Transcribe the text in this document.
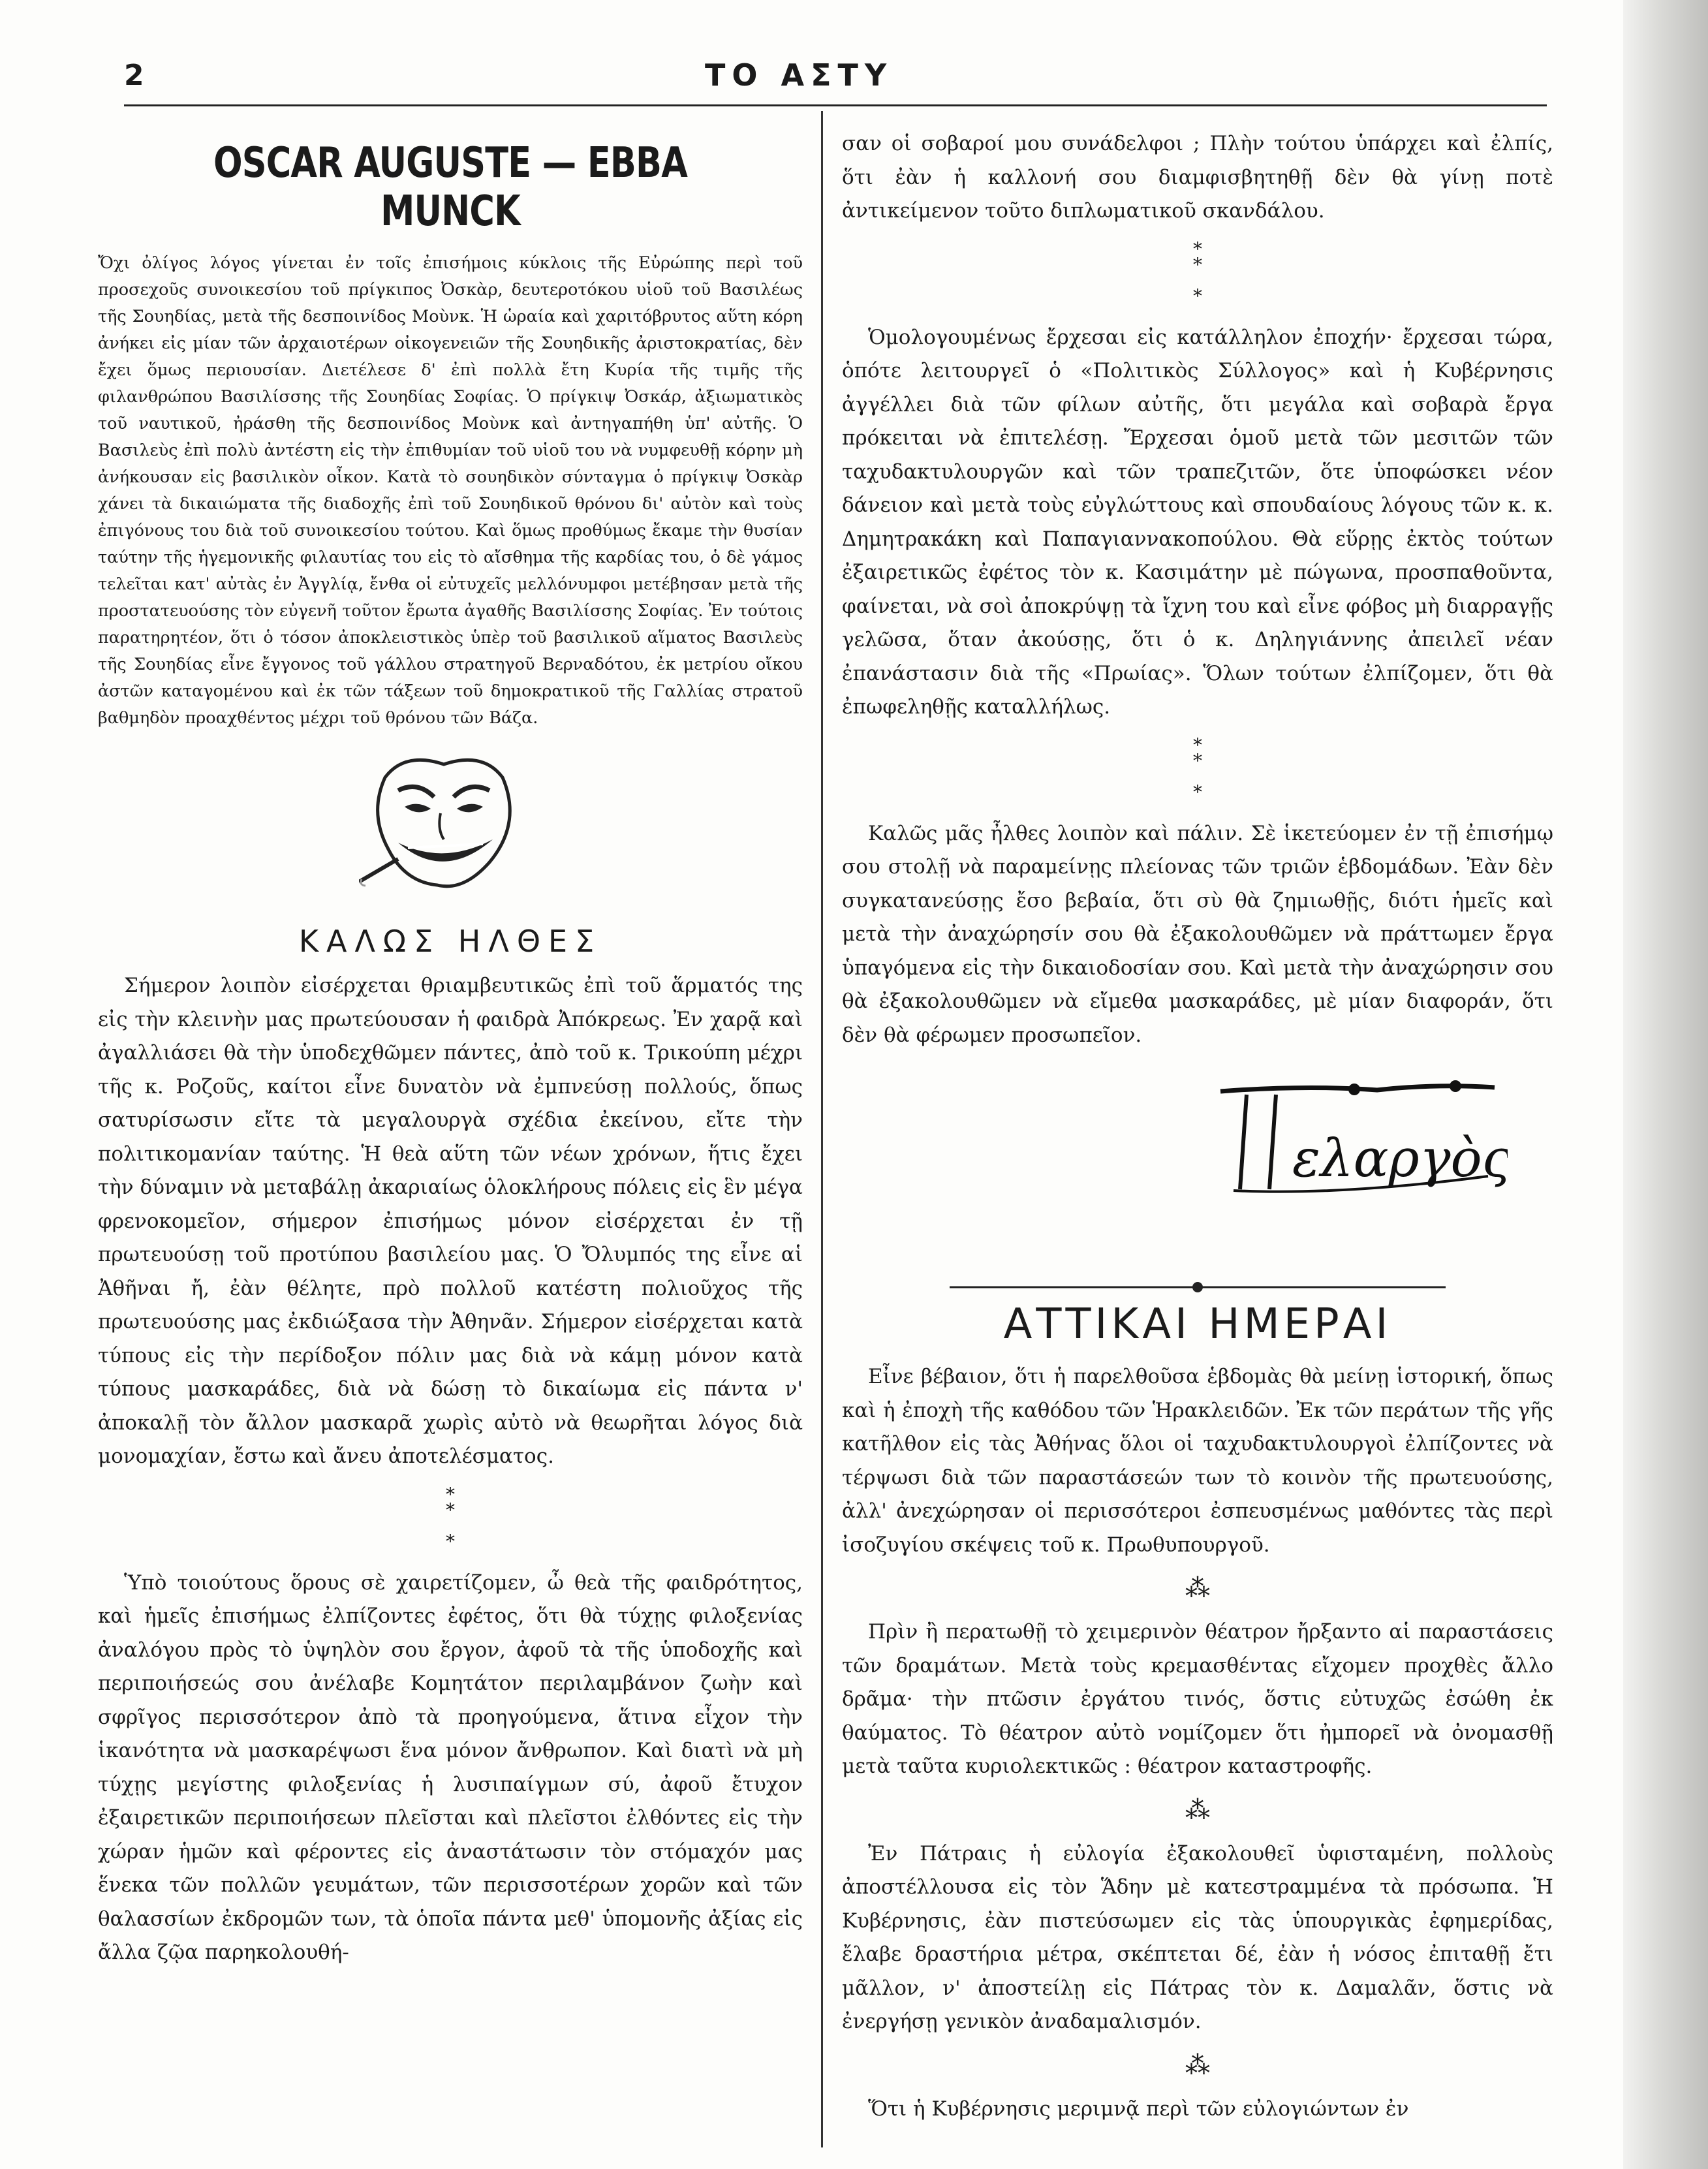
2	ΤΟ ΑΣΤΥ
OSCAR AUGUSTE — EBBA MUNCK

Ὄχι ὀλίγος λόγος γίνεται ἐν τοῖς ἐπισήμοις κύκλοις τῆς Εὐρώπης περὶ τοῦ προσεχοῦς συνοικεσίου τοῦ πρίγκιπος Ὀσκὰρ, δευτεροτόκου υἱοῦ τοῦ Βασιλέως τῆς Σουηδίας, μετὰ τῆς δεσποινίδος Μοὺνκ. Ἡ ὡραία καὶ χαριτόβρυτος αὕτη κόρη ἀνήκει εἰς μίαν τῶν ἀρχαιοτέρων οἰκογενειῶν τῆς Σουηδικῆς ἀριστοκρατίας, δὲν ἔχει ὅμως περιουσίαν. Διετέλεσε δ' ἐπὶ πολλὰ ἔτη Κυρία τῆς τιμῆς τῆς φιλανθρώπου Βασιλίσσης τῆς Σουηδίας Σοφίας. Ὁ πρίγκιψ Ὀσκάρ, ἀξιωματικὸς τοῦ ναυτικοῦ, ἠράσθη τῆς δεσποινίδος Μοὺνκ καὶ ἀντηγαπήθη ὑπ' αὐτῆς. Ὁ Βασιλεὺς ἐπὶ πολὺ ἀντέστη εἰς τὴν ἐπιθυμίαν τοῦ υἱοῦ του νὰ νυμφευθῇ κόρην μὴ ἀνήκουσαν εἰς βασιλικὸν οἶκον. Κατὰ τὸ σουηδικὸν σύνταγμα ὁ πρίγκιψ Ὀσκὰρ χάνει τὰ δικαιώματα τῆς διαδοχῆς ἐπὶ τοῦ Σουηδικοῦ θρόνου δι' αὐτὸν καὶ τοὺς ἐπιγόνους του διὰ τοῦ συνοικεσίου τούτου. Καὶ ὅμως προθύμως ἔκαμε τὴν θυσίαν ταύτην τῆς ἡγεμονικῆς φιλαυτίας του εἰς τὸ αἴσθημα τῆς καρδίας του, ὁ δὲ γάμος τελεῖται κατ' αὐτὰς ἐν Ἀγγλίᾳ, ἔνθα οἱ εὐτυχεῖς μελλόνυμφοι μετέβησαν μετὰ τῆς προστατευούσης τὸν εὐγενῆ τοῦτον ἔρωτα ἀγαθῆς Βασιλίσσης Σοφίας. Ἐν τούτοις παρατηρητέον, ὅτι ὁ τόσον ἀποκλειστικὸς ὑπὲρ τοῦ βασιλικοῦ αἵματος Βασιλεὺς τῆς Σουηδίας εἶνε ἔγγονος τοῦ γάλλου στρατηγοῦ Βερναδότου, ἐκ μετρίου οἴκου ἀστῶν καταγομένου καὶ ἐκ τῶν τάξεων τοῦ δημοκρατικοῦ τῆς Γαλλίας στρατοῦ βαθμηδὸν προαχθέντος μέχρι τοῦ θρόνου τῶν Βάζα.

ΚΑΛΩΣ ΗΛΘΕΣ

Σήμερον λοιπὸν εἰσέρχεται θριαμβευτικῶς ἐπὶ τοῦ ἅρματός της εἰς τὴν κλεινὴν μας πρωτεύουσαν ἡ φαιδρὰ Ἀπόκρεως. Ἐν χαρᾷ καὶ ἀγαλλιάσει θὰ τὴν ὑποδεχθῶμεν πάντες, ἀπὸ τοῦ κ. Τρικούπη μέχρι τῆς κ. Ροζοῦς, καίτοι εἶνε δυνατὸν νὰ ἐμπνεύσῃ πολλούς, ὅπως σατυρίσωσιν εἴτε τὰ μεγαλουργὰ σχέδια ἐκείνου, εἴτε τὴν πολιτικομανίαν ταύτης. Ἡ θεὰ αὕτη τῶν νέων χρόνων, ἥτις ἔχει τὴν δύναμιν νὰ μεταβάλῃ ἀκαριαίως ὁλοκλήρους πόλεις εἰς ἓν μέγα φρενοκομεῖον, σήμερον ἐπισήμως μόνον εἰσέρχεται ἐν τῇ πρωτευούσῃ τοῦ προτύπου βασιλείου μας. Ὁ Ὄλυμπός της εἶνε αἱ Ἀθῆναι ἤ, ἐὰν θέλητε, πρὸ πολλοῦ κατέστη πολιοῦχος τῆς πρωτευούσης μας ἐκδιώξασα τὴν Ἀθηνᾶν. Σήμερον εἰσέρχεται κατὰ τύπους εἰς τὴν περίδοξον πόλιν μας διὰ νὰ κάμῃ μόνον κατὰ τύπους μασκαράδες, διὰ νὰ δώσῃ τὸ δικαίωμα εἰς πάντα ν' ἀποκαλῇ τὸν ἄλλον μασκαρᾶ χωρὶς αὐτὸ νὰ θεωρῆται λόγος διὰ μονομαχίαν, ἔστω καὶ ἄνευ ἀποτελέσματος.

*
*

*

Ὑπὸ τοιούτους ὅρους σὲ χαιρετίζομεν, ὦ θεὰ τῆς φαιδρότητος, καὶ ἡμεῖς ἐπισήμως ἐλπίζοντες ἐφέτος, ὅτι θὰ τύχῃς φιλοξενίας ἀναλόγου πρὸς τὸ ὑψηλὸν σου ἔργον, ἀφοῦ τὰ τῆς ὑποδοχῆς καὶ περιποιήσεώς σου ἀνέλαβε Κομητάτον περιλαμβάνον ζωὴν καὶ σφρῖγος περισσότερον ἀπὸ τὰ προηγούμενα, ἅτινα εἶχον τὴν ἱκανότητα νὰ μασκαρέψωσι ἕνα μόνον ἄνθρωπον. Καὶ διατὶ νὰ μὴ τύχῃς μεγίστης φιλοξενίας ἡ λυσιπαίγμων σύ, ἀφοῦ ἔτυχον ἐξαιρετικῶν περιποιήσεων πλεῖσται καὶ πλεῖστοι ἐλθόντες εἰς τὴν χώραν ἡμῶν καὶ φέροντες εἰς ἀναστάτωσιν τὸν στόμαχόν μας ἕνεκα τῶν πολλῶν γευμάτων, τῶν περισσοτέρων χορῶν καὶ τῶν θαλασσίων ἐκδρομῶν των, τὰ ὁποῖα πάντα μεθ' ὑπομονῆς ἀξίας εἰς ἄλλα ζῷα παρηκολουθή-

σαν οἱ σοβαροί μου συνάδελφοι ; Πλὴν τούτου ὑπάρχει καὶ ἐλπίς, ὅτι ἐὰν ἡ καλλονή σου διαμφισβητηθῇ δὲν θὰ γίνῃ ποτὲ ἀντικείμενον τοῦτο διπλωματικοῦ σκανδάλου.

*
*

*

Ὁμολογουμένως ἔρχεσαι εἰς κατάλληλον ἐποχήν· ἔρχεσαι τώρα, ὁπότε λειτουργεῖ ὁ «Πολιτικὸς Σύλλογος» καὶ ἡ Κυβέρνησις ἀγγέλλει διὰ τῶν φίλων αὐτῆς, ὅτι μεγάλα καὶ σοβαρὰ ἔργα πρόκειται νὰ ἐπιτελέσῃ. Ἔρχεσαι ὁμοῦ μετὰ τῶν μεσιτῶν τῶν ταχυδακτυλουργῶν καὶ τῶν τραπεζιτῶν, ὅτε ὑποφώσκει νέον δάνειον καὶ μετὰ τοὺς εὐγλώττους καὶ σπουδαίους λόγους τῶν κ. κ. Δημητρακάκη καὶ Παπαγιαννακοπούλου. Θὰ εὕρῃς ἐκτὸς τούτων ἐξαιρετικῶς ἐφέτος τὸν κ. Κασιμάτην μὲ πώγωνα, προσπαθοῦντα, φαίνεται, νὰ σοὶ ἀποκρύψῃ τὰ ἴχνη του καὶ εἶνε φόβος μὴ διαρραγῇς γελῶσα, ὅταν ἀκούσῃς, ὅτι ὁ κ. Δηληγιάννης ἀπειλεῖ νέαν ἐπανάστασιν διὰ τῆς «Πρωίας». Ὅλων τούτων ἐλπίζομεν, ὅτι θὰ ἐπωφεληθῇς καταλλήλως.

*
*

*

Καλῶς μᾶς ἦλθες λοιπὸν καὶ πάλιν. Σὲ ἱκετεύομεν ἐν τῇ ἐπισήμῳ σου στολῇ νὰ παραμείνῃς πλείονας τῶν τριῶν ἑβδομάδων. Ἐὰν δὲν συγκατανεύσῃς ἔσο βεβαία, ὅτι σὺ θὰ ζημιωθῇς, διότι ἡμεῖς καὶ μετὰ τὴν ἀναχώρησίν σου θὰ ἐξακολουθῶμεν νὰ πράττωμεν ἔργα ὑπαγόμενα εἰς τὴν δικαιοδοσίαν σου. Καὶ μετὰ τὴν ἀναχώρησιν σου θὰ ἐξακολουθῶμεν νὰ εἴμεθα μασκαράδες, μὲ μίαν διαφοράν, ὅτι δὲν θὰ φέρωμεν προσωπεῖον.

ελαργὸς
ΑΤΤΙΚΑΙ ΗΜΕΡΑΙ

Εἶνε βέβαιον, ὅτι ἡ παρελθοῦσα ἑβδομὰς θὰ μείνῃ ἱστορική, ὅπως καὶ ἡ ἐποχὴ τῆς καθόδου τῶν Ἡρακλειδῶν. Ἐκ τῶν περάτων τῆς γῆς κατῆλθον εἰς τὰς Ἀθήνας ὅλοι οἱ ταχυδακτυλουργοὶ ἐλπίζοντες νὰ τέρψωσι διὰ τῶν παραστάσεών των τὸ κοινὸν τῆς πρωτευούσης, ἀλλ' ἀνεχώρησαν οἱ περισσότεροι ἐσπευσμένως μαθόντες τὰς περὶ ἰσοζυγίου σκέψεις τοῦ κ. Πρωθυπουργοῦ.

⁂

Πρὶν ἢ περατωθῇ τὸ χειμερινὸν θέατρον ἤρξαντο αἱ παραστάσεις τῶν δραμάτων. Μετὰ τοὺς κρεμασθέντας εἴχομεν προχθὲς ἄλλο δρᾶμα· τὴν πτῶσιν ἐργάτου τινός, ὅστις εὐτυχῶς ἐσώθη ἐκ θαύματος. Τὸ θέατρον αὐτὸ νομίζομεν ὅτι ἠμπορεῖ νὰ ὀνομασθῇ μετὰ ταῦτα κυριολεκτικῶς : θέατρον καταστροφῆς.

⁂

Ἐν Πάτραις ἡ εὐλογία ἐξακολουθεῖ ὑφισταμένη, πολλοὺς ἀποστέλλουσα εἰς τὸν Ἅδην μὲ κατεστραμμένα τὰ πρόσωπα. Ἡ Κυβέρνησις, ἐὰν πιστεύσωμεν εἰς τὰς ὑπουργικὰς ἐφημερίδας, ἔλαβε δραστήρια μέτρα, σκέπτεται δέ, ἐὰν ἡ νόσος ἐπιταθῇ ἔτι μᾶλλον, ν' ἀποστείλῃ εἰς Πάτρας τὸν κ. Δαμαλᾶν, ὅστις νὰ ἐνεργήσῃ γενικὸν ἀναδαμαλισμόν.

⁂

Ὅτι ἡ Κυβέρνησις μεριμνᾷ περὶ τῶν εὐλογιώντων ἐν
